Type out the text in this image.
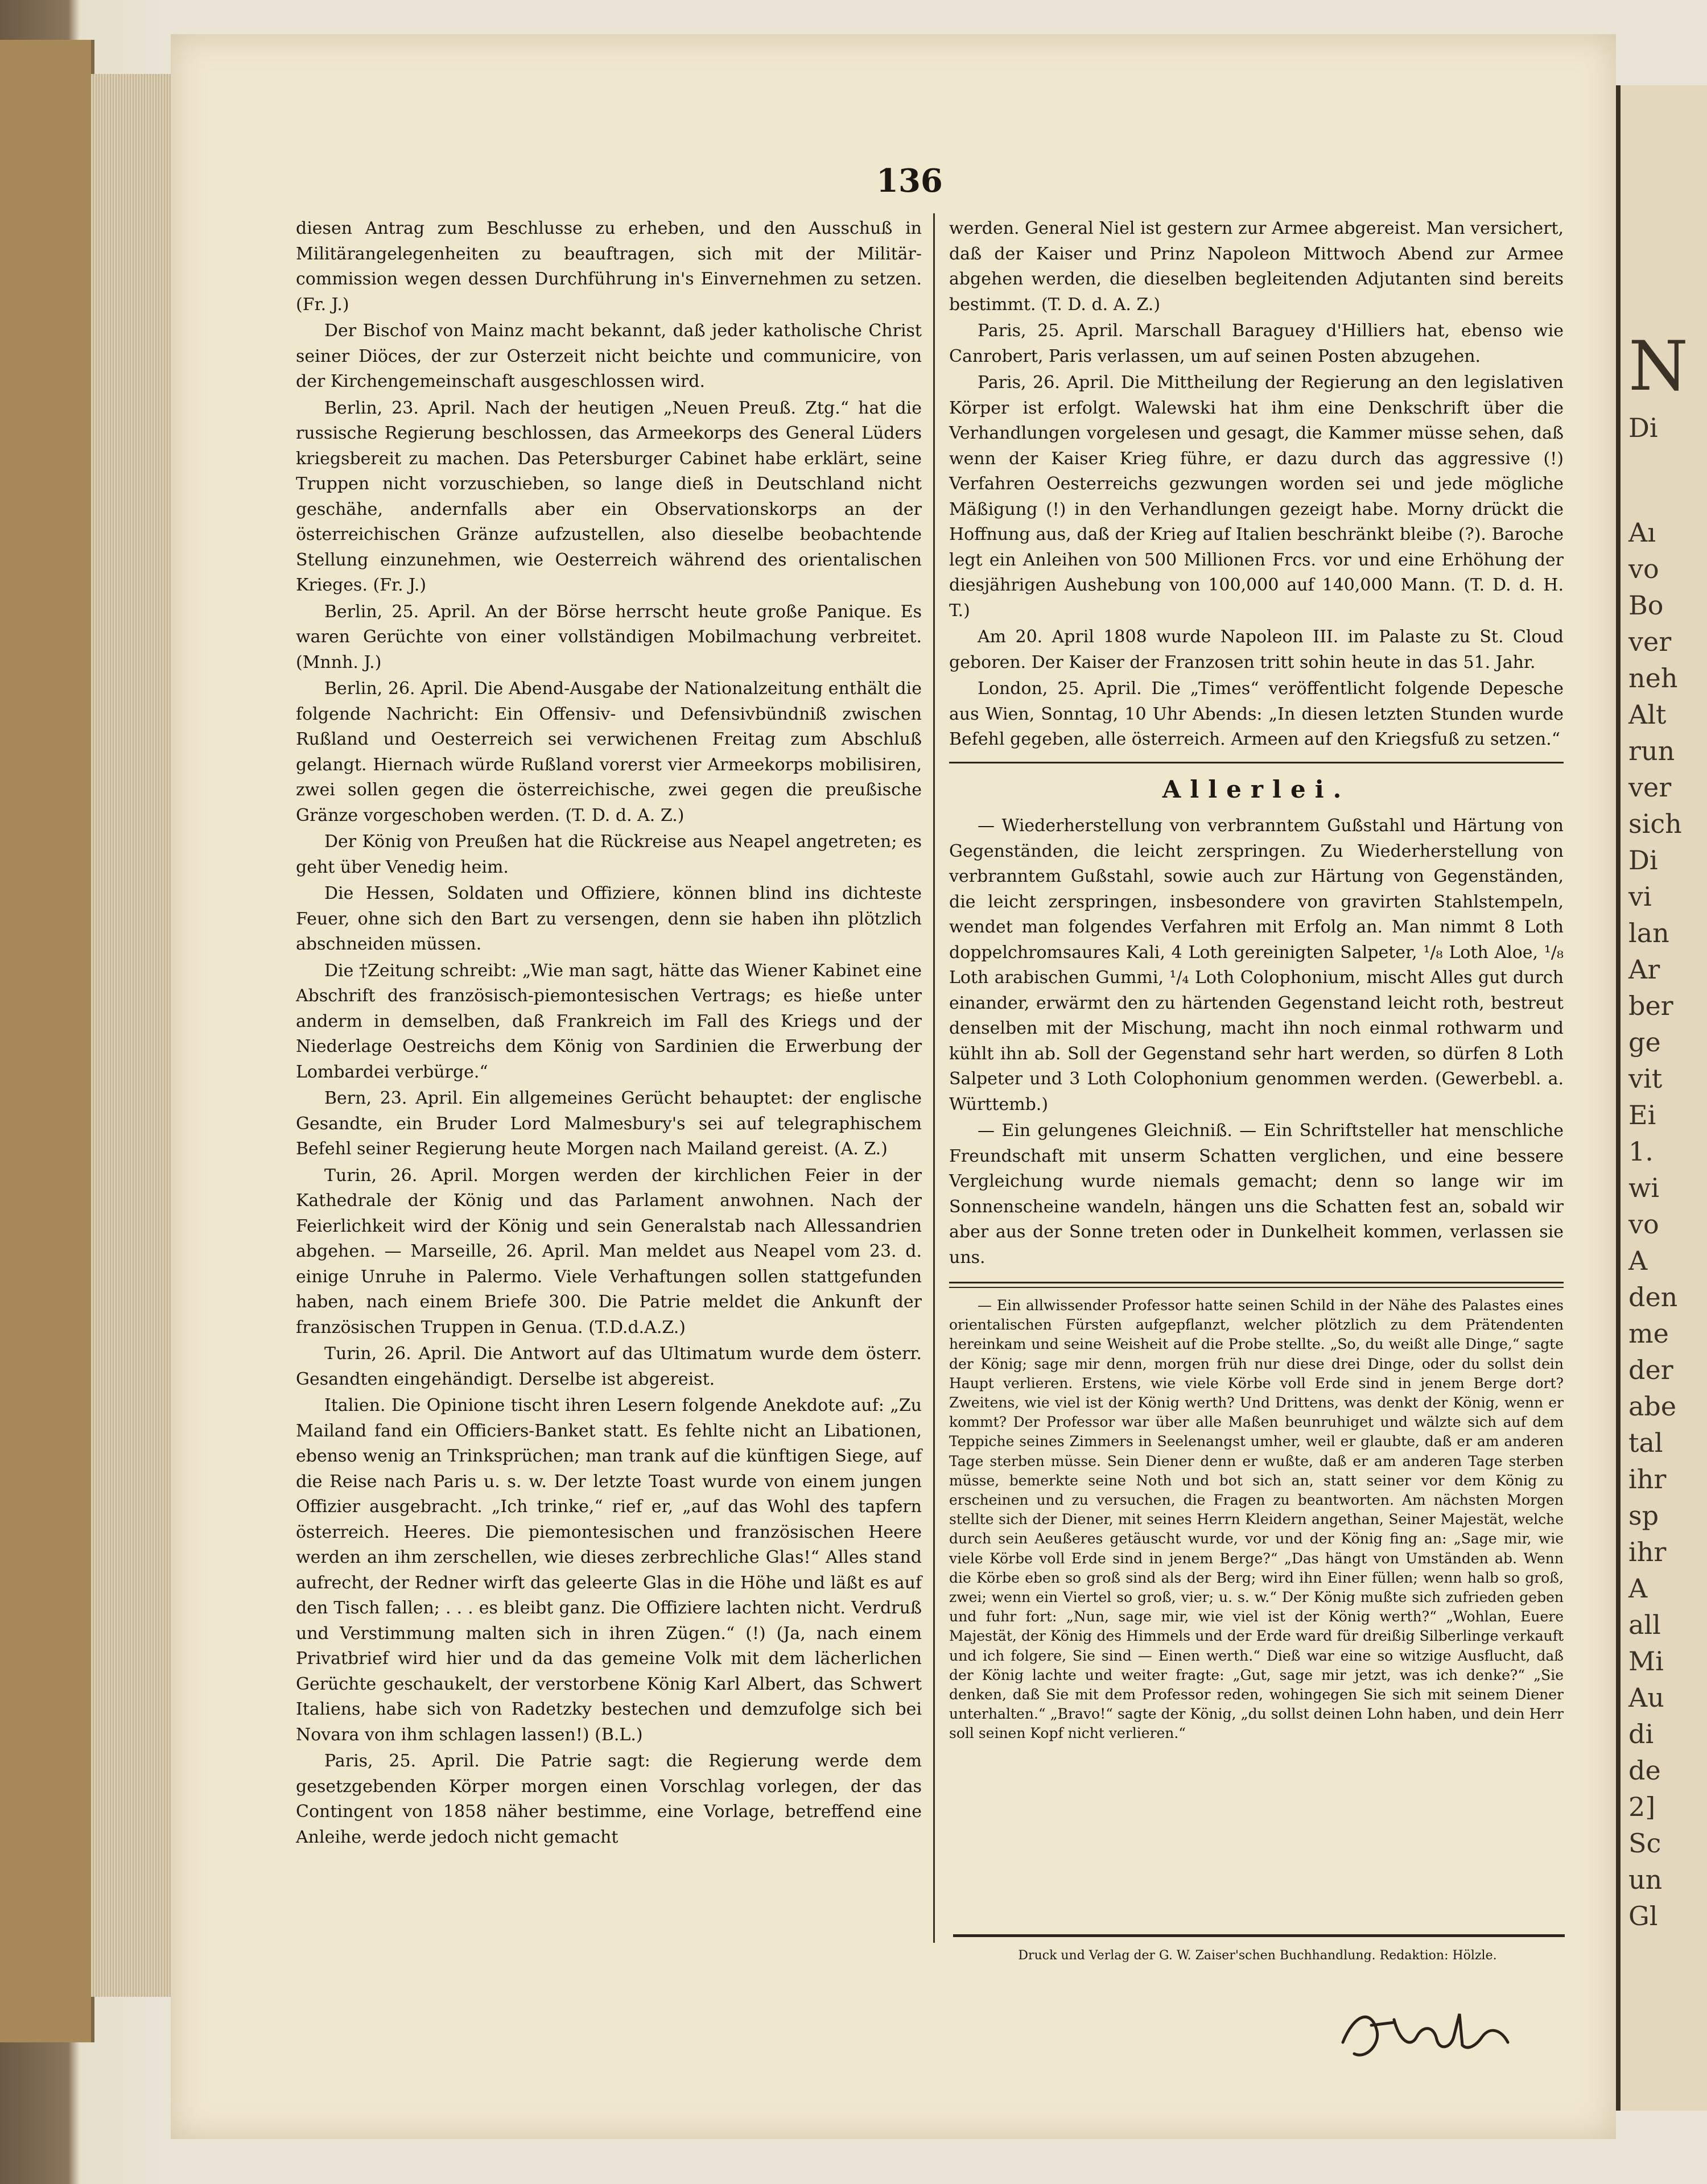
136

diesen Antrag zum Beschlusse zu erheben, und den Ausschuß in Militärangelegenheiten zu beauftragen, sich mit der Militär-commission wegen dessen Durchführung in's Einvernehmen zu setzen. (Fr. J.)

Der Bischof von Mainz macht bekannt, daß jeder katholische Christ seiner Diöces, der zur Osterzeit nicht beichte und communicire, von der Kirchengemeinschaft ausgeschlossen wird.

Berlin, 23. April. Nach der heutigen „Neuen Preuß. Ztg.“ hat die russische Regierung beschlossen, das Armeekorps des General Lüders kriegsbereit zu machen. Das Petersburger Cabinet habe erklärt, seine Truppen nicht vorzuschieben, so lange dieß in Deutschland nicht geschähe, andernfalls aber ein Observationskorps an der österreichischen Gränze aufzustellen, also dieselbe beobachtende Stellung einzunehmen, wie Oesterreich während des orientalischen Krieges. (Fr. J.)

Berlin, 25. April. An der Börse herrscht heute große Panique. Es waren Gerüchte von einer vollständigen Mobilmachung verbreitet. (Mnnh. J.)

Berlin, 26. April. Die Abend-Ausgabe der Nationalzeitung enthält die folgende Nachricht: Ein Offensiv- und Defensivbündniß zwischen Rußland und Oesterreich sei verwichenen Freitag zum Abschluß gelangt. Hiernach würde Rußland vorerst vier Armeekorps mobilisiren, zwei sollen gegen die österreichische, zwei gegen die preußische Gränze vorgeschoben werden. (T. D. d. A. Z.)

Der König von Preußen hat die Rückreise aus Neapel angetreten; es geht über Venedig heim.

Die Hessen, Soldaten und Offiziere, können blind ins dichteste Feuer, ohne sich den Bart zu versengen, denn sie haben ihn plötzlich abschneiden müssen.

Die †Zeitung schreibt: „Wie man sagt, hätte das Wiener Kabinet eine Abschrift des französisch-piemontesischen Vertrags; es hieße unter anderm in demselben, daß Frankreich im Fall des Kriegs und der Niederlage Oestreichs dem König von Sardinien die Erwerbung der Lombardei verbürge.“

Bern, 23. April. Ein allgemeines Gerücht behauptet: der englische Gesandte, ein Bruder Lord Malmesbury's sei auf telegraphischem Befehl seiner Regierung heute Morgen nach Mailand gereist. (A. Z.)

Turin, 26. April. Morgen werden der kirchlichen Feier in der Kathedrale der König und das Parlament anwohnen. Nach der Feierlichkeit wird der König und sein Generalstab nach Allessandrien abgehen. — Marseille, 26. April. Man meldet aus Neapel vom 23. d. einige Unruhe in Palermo. Viele Verhaftungen sollen stattgefunden haben, nach einem Briefe 300. Die Patrie meldet die Ankunft der französischen Truppen in Genua. (T.D.d.A.Z.)

Turin, 26. April. Die Antwort auf das Ultimatum wurde dem österr. Gesandten eingehändigt. Derselbe ist abgereist.

Italien. Die Opinione tischt ihren Lesern folgende Anekdote auf: „Zu Mailand fand ein Officiers-Banket statt. Es fehlte nicht an Libationen, ebenso wenig an Trinksprüchen; man trank auf die künftigen Siege, auf die Reise nach Paris u. s. w. Der letzte Toast wurde von einem jungen Offizier ausgebracht. „Ich trinke,“ rief er, „auf das Wohl des tapfern österreich. Heeres. Die piemontesischen und französischen Heere werden an ihm zerschellen, wie dieses zerbrechliche Glas!“ Alles stand aufrecht, der Redner wirft das geleerte Glas in die Höhe und läßt es auf den Tisch fallen; . . . es bleibt ganz. Die Offiziere lachten nicht. Verdruß und Verstimmung malten sich in ihren Zügen.“ (!) (Ja, nach einem Privatbrief wird hier und da das gemeine Volk mit dem lächerlichen Gerüchte geschaukelt, der verstorbene König Karl Albert, das Schwert Italiens, habe sich von Radetzky bestechen und demzufolge sich bei Novara von ihm schlagen lassen!) (B.L.)

Paris, 25. April. Die Patrie sagt: die Regierung werde dem gesetzgebenden Körper morgen einen Vorschlag vorlegen, der das Contingent von 1858 näher bestimme, eine Vorlage, betreffend eine Anleihe, werde jedoch nicht gemacht

werden. General Niel ist gestern zur Armee abgereist. Man versichert, daß der Kaiser und Prinz Napoleon Mittwoch Abend zur Armee abgehen werden, die dieselben begleitenden Adjutanten sind bereits bestimmt. (T. D. d. A. Z.)

Paris, 25. April. Marschall Baraguey d'Hilliers hat, ebenso wie Canrobert, Paris verlassen, um auf seinen Posten abzugehen.

Paris, 26. April. Die Mittheilung der Regierung an den legislativen Körper ist erfolgt. Walewski hat ihm eine Denkschrift über die Verhandlungen vorgelesen und gesagt, die Kammer müsse sehen, daß wenn der Kaiser Krieg führe, er dazu durch das aggressive (!) Verfahren Oesterreichs gezwungen worden sei und jede mögliche Mäßigung (!) in den Verhandlungen gezeigt habe. Morny drückt die Hoffnung aus, daß der Krieg auf Italien beschränkt bleibe (?). Baroche legt ein Anleihen von 500 Millionen Frcs. vor und eine Erhöhung der diesjährigen Aushebung von 100,000 auf 140,000 Mann. (T. D. d. H. T.)

Am 20. April 1808 wurde Napoleon III. im Palaste zu St. Cloud geboren. Der Kaiser der Franzosen tritt sohin heute in das 51. Jahr.

London, 25. April. Die „Times“ veröffentlicht folgende Depesche aus Wien, Sonntag, 10 Uhr Abends: „In diesen letzten Stunden wurde Befehl gegeben, alle österreich. Armeen auf den Kriegsfuß zu setzen.“

Allerlei.

— Wiederherstellung von verbranntem Gußstahl und Härtung von Gegenständen, die leicht zerspringen. Zu Wiederherstellung von verbranntem Gußstahl, sowie auch zur Härtung von Gegenständen, die leicht zerspringen, insbesondere von gravirten Stahlstempeln, wendet man folgendes Verfahren mit Erfolg an. Man nimmt 8 Loth doppelchromsaures Kali, 4 Loth gereinigten Salpeter, ¹/₈ Loth Aloe, ¹/₈ Loth arabischen Gummi, ¹/₄ Loth Colophonium, mischt Alles gut durch einander, erwärmt den zu härtenden Gegenstand leicht roth, bestreut denselben mit der Mischung, macht ihn noch einmal rothwarm und kühlt ihn ab. Soll der Gegenstand sehr hart werden, so dürfen 8 Loth Salpeter und 3 Loth Colophonium genommen werden. (Gewerbebl. a. Württemb.)

— Ein gelungenes Gleichniß. — Ein Schriftsteller hat menschliche Freundschaft mit unserm Schatten verglichen, und eine bessere Vergleichung wurde niemals gemacht; denn so lange wir im Sonnenscheine wandeln, hängen uns die Schatten fest an, sobald wir aber aus der Sonne treten oder in Dunkelheit kommen, verlassen sie uns.

— Ein allwissender Professor hatte seinen Schild in der Nähe des Palastes eines orientalischen Fürsten aufgepflanzt, welcher plötzlich zu dem Prätendenten hereinkam und seine Weisheit auf die Probe stellte. „So, du weißt alle Dinge,“ sagte der König; sage mir denn, morgen früh nur diese drei Dinge, oder du sollst dein Haupt verlieren. Erstens, wie viele Körbe voll Erde sind in jenem Berge dort? Zweitens, wie viel ist der König werth? Und Drittens, was denkt der König, wenn er kommt? Der Professor war über alle Maßen beunruhiget und wälzte sich auf dem Teppiche seines Zimmers in Seelenangst umher, weil er glaubte, daß er am anderen Tage sterben müsse. Sein Diener denn er wußte, daß er am anderen Tage sterben müsse, bemerkte seine Noth und bot sich an, statt seiner vor dem König zu erscheinen und zu versuchen, die Fragen zu beantworten. Am nächsten Morgen stellte sich der Diener, mit seines Herrn Kleidern angethan, Seiner Majestät, welche durch sein Aeußeres getäuscht wurde, vor und der König fing an: „Sage mir, wie viele Körbe voll Erde sind in jenem Berge?“ „Das hängt von Umständen ab. Wenn die Körbe eben so groß sind als der Berg; wird ihn Einer füllen; wenn halb so groß, zwei; wenn ein Viertel so groß, vier; u. s. w.“ Der König mußte sich zufrieden geben und fuhr fort: „Nun, sage mir, wie viel ist der König werth?“ „Wohlan, Euere Majestät, der König des Himmels und der Erde ward für dreißig Silberlinge verkauft und ich folgere, Sie sind — Einen werth.“ Dieß war eine so witzige Ausflucht, daß der König lachte und weiter fragte: „Gut, sage mir jetzt, was ich denke?“ „Sie denken, daß Sie mit dem Professor reden, wohingegen Sie sich mit seinem Diener unterhalten.“ „Bravo!“ sagte der König, „du sollst deinen Lohn haben, und dein Herr soll seinen Kopf nicht verlieren.“

Druck und Verlag der G. W. Zaiser'schen Buchhandlung. Redaktion: Hölzle.
N
Di
Aı
vo
Bo
ver
neh
Alt
run
ver
sich
Di
vi
lan
Ar
ber
ge
vit
Ei
1.
wi
vo
A
den
me
der
abe
tal
ihr
sp
ihr
A
all
Mi
Au
di
de
2]
Sc
un
Gl
